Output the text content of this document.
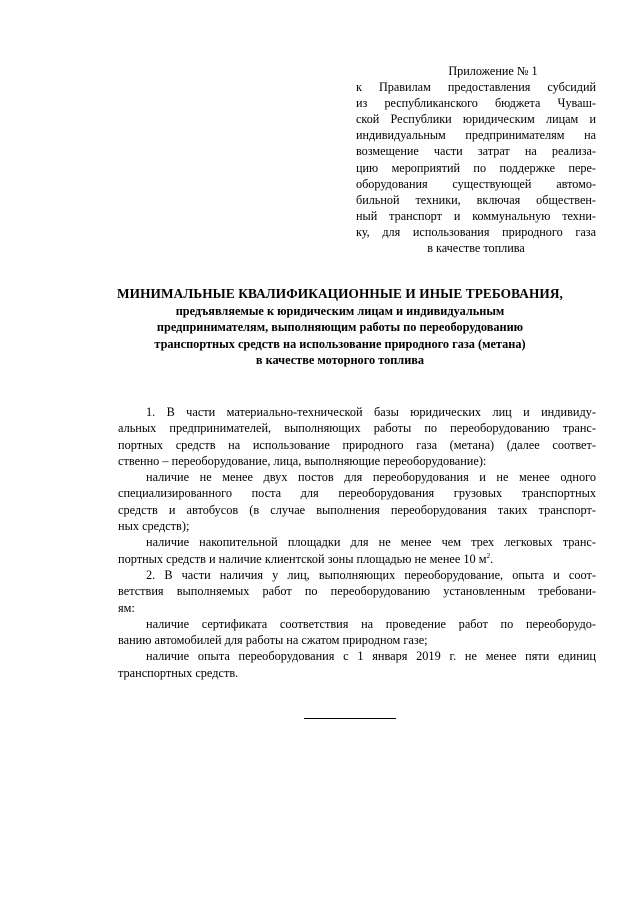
Приложение № 1
к Правилам предоставления субсидий
из республиканского бюджета Чуваш-
ской Республики юридическим лицам и
индивидуальным предпринимателям на
возмещение части затрат на реализа-
цию мероприятий по поддержке пере-
оборудования существующей автомо-
бильной техники, включая обществен-
ный транспорт и коммунальную техни-
ку, для использования природного газа
в качестве топлива
МИНИМАЛЬНЫЕ КВАЛИФИКАЦИОННЫЕ И ИНЫЕ ТРЕБОВАНИЯ,
предъявляемые к юридическим лицам и индивидуальным
предпринимателям, выполняющим работы по переоборудованию
транспортных средств на использование природного газа (метана)
в качестве моторного топлива
1. В части материально-технической базы юридических лиц и индивиду-
альных предпринимателей, выполняющих работы по переоборудованию транс-
портных средств на использование природного газа (метана) (далее соответ-
ственно – переоборудование, лица, выполняющие переоборудование):
наличие не менее двух постов для переоборудования и не менее одного
специализированного поста для переоборудования грузовых транспортных
средств и автобусов (в случае выполнения переоборудования таких транспорт-
ных средств);
наличие накопительной площадки для не менее чем трех легковых транс-
портных средств и наличие клиентской зоны площадью не менее 10 $м^2$.
2. В части наличия у лиц, выполняющих переоборудование, опыта и соот-
ветствия выполняемых работ по переоборудованию установленным требовани-
ям:
наличие сертификата соответствия на проведение работ по переоборудо-
ванию автомобилей для работы на сжатом природном газе;
наличие опыта переоборудования с 1 января 2019 г. не менее пяти единиц
транспортных средств.
